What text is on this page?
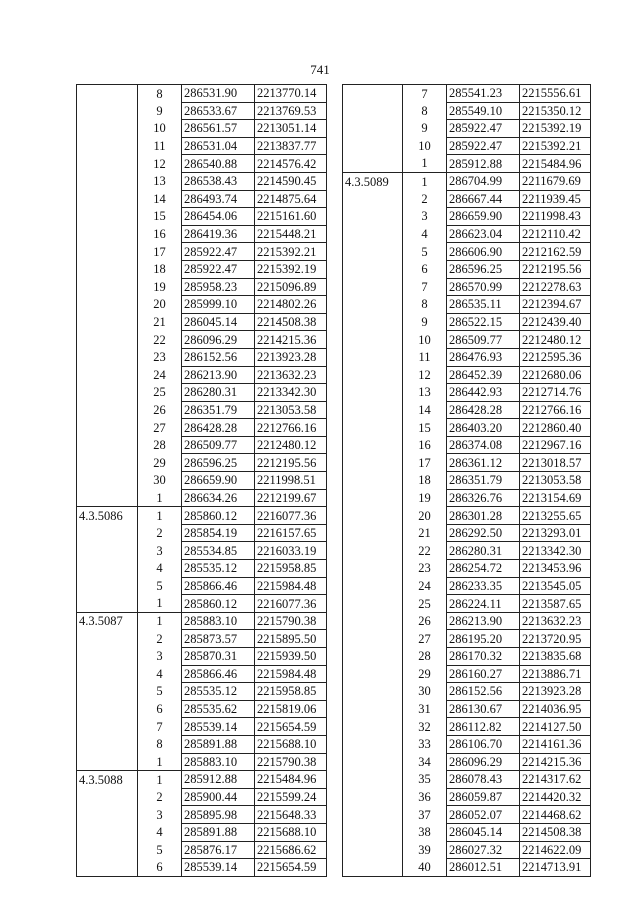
741
	8	286531.90	2213770.14
	9	286533.67	2213769.53
	10	286561.57	2213051.14
	11	286531.04	2213837.77
	12	286540.88	2214576.42
	13	286538.43	2214590.45
	14	286493.74	2214875.64
	15	286454.06	2215161.60
	16	286419.36	2215448.21
	17	285922.47	2215392.21
	18	285922.47	2215392.19
	19	285958.23	2215096.89
	20	285999.10	2214802.26
	21	286045.14	2214508.38
	22	286096.29	2214215.36
	23	286152.56	2213923.28
	24	286213.90	2213632.23
	25	286280.31	2213342.30
	26	286351.79	2213053.58
	27	286428.28	2212766.16
	28	286509.77	2212480.12
	29	286596.25	2212195.56
	30	286659.90	2211998.51
	1	286634.26	2212199.67
4.3.5086	1	285860.12	2216077.36
	2	285854.19	2216157.65
	3	285534.85	2216033.19
	4	285535.12	2215958.85
	5	285866.46	2215984.48
	1	285860.12	2216077.36
4.3.5087	1	285883.10	2215790.38
	2	285873.57	2215895.50
	3	285870.31	2215939.50
	4	285866.46	2215984.48
	5	285535.12	2215958.85
	6	285535.62	2215819.06
	7	285539.14	2215654.59
	8	285891.88	2215688.10
	1	285883.10	2215790.38
4.3.5088	1	285912.88	2215484.96
	2	285900.44	2215599.24
	3	285895.98	2215648.33
	4	285891.88	2215688.10
	5	285876.17	2215686.62
	6	285539.14	2215654.59
	7	285541.23	2215556.61
	8	285549.10	2215350.12
	9	285922.47	2215392.19
	10	285922.47	2215392.21
	1	285912.88	2215484.96
4.3.5089	1	286704.99	2211679.69
	2	286667.44	2211939.45
	3	286659.90	2211998.43
	4	286623.04	2212110.42
	5	286606.90	2212162.59
	6	286596.25	2212195.56
	7	286570.99	2212278.63
	8	286535.11	2212394.67
	9	286522.15	2212439.40
	10	286509.77	2212480.12
	11	286476.93	2212595.36
	12	286452.39	2212680.06
	13	286442.93	2212714.76
	14	286428.28	2212766.16
	15	286403.20	2212860.40
	16	286374.08	2212967.16
	17	286361.12	2213018.57
	18	286351.79	2213053.58
	19	286326.76	2213154.69
	20	286301.28	2213255.65
	21	286292.50	2213293.01
	22	286280.31	2213342.30
	23	286254.72	2213453.96
	24	286233.35	2213545.05
	25	286224.11	2213587.65
	26	286213.90	2213632.23
	27	286195.20	2213720.95
	28	286170.32	2213835.68
	29	286160.27	2213886.71
	30	286152.56	2213923.28
	31	286130.67	2214036.95
	32	286112.82	2214127.50
	33	286106.70	2214161.36
	34	286096.29	2214215.36
	35	286078.43	2214317.62
	36	286059.87	2214420.32
	37	286052.07	2214468.62
	38	286045.14	2214508.38
	39	286027.32	2214622.09
	40	286012.51	2214713.91
